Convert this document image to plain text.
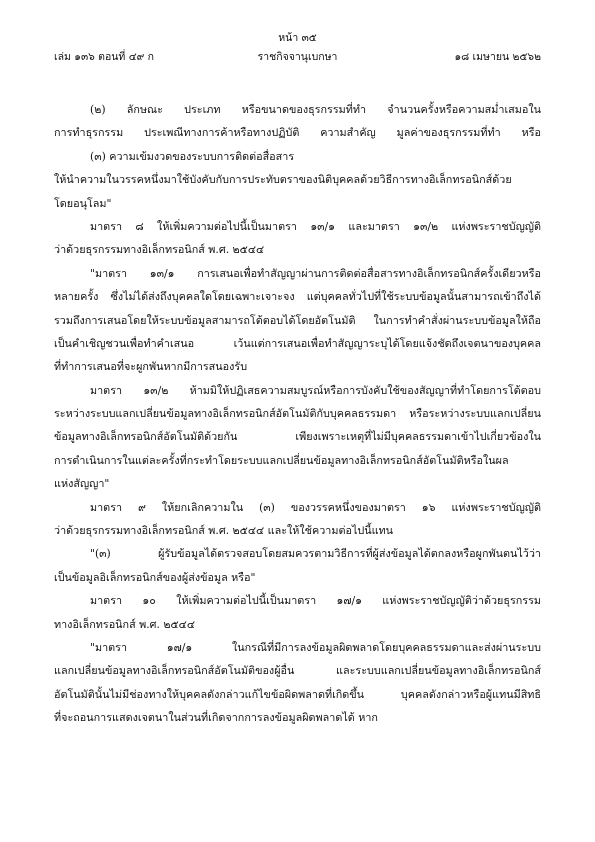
หน้า ๓๕
เล่ม ๑๓๖ ตอนที่ ๔๙ ก	ราชกิจจานุเบกษา	๑๘ เมษายน ๒๕๖๒
(๒) ลักษณะ ประเภท หรือขนาดของธุรกรรมที่ทำ จำนวนครั้งหรือความสม่ำเสมอใน
การทำธุรกรรม ประเพณีทางการค้าหรือทางปฏิบัติ ความสำคัญ มูลค่าของธุรกรรมที่ทำ หรือ
(๓) ความเข้มงวดของระบบการติดต่อสื่อสาร
ให้นำความในวรรคหนึ่งมาใช้บังคับกับการประทับตราของนิติบุคคลด้วยวิธีการทางอิเล็กทรอนิกส์ด้วย
โดยอนุโลม"
มาตรา ๘ ให้เพิ่มความต่อไปนี้เป็นมาตรา ๑๓/๑ และมาตรา ๑๓/๒ แห่งพระราชบัญญัติ
ว่าด้วยธุรกรรมทางอิเล็กทรอนิกส์ พ.ศ. ๒๕๔๔
"มาตรา ๑๓/๑ การเสนอเพื่อทำสัญญาผ่านการติดต่อสื่อสารทางอิเล็กทรอนิกส์ครั้งเดียวหรือ
หลายครั้ง ซึ่งไม่ได้ส่งถึงบุคคลใดโดยเฉพาะเจาะจง แต่บุคคลทั่วไปที่ใช้ระบบข้อมูลนั้นสามารถเข้าถึงได้
รวมถึงการเสนอโดยให้ระบบข้อมูลสามารถโต้ตอบได้โดยอัตโนมัติ ในการทำคำสั่งผ่านระบบข้อมูลให้ถือ
เป็นคำเชิญชวนเพื่อทำคำเสนอ เว้นแต่การเสนอเพื่อทำสัญญาระบุได้โดยแจ้งชัดถึงเจตนาของบุคคล
ที่ทำการเสนอที่จะผูกพันหากมีการสนองรับ
มาตรา ๑๓/๒ ห้ามมิให้ปฏิเสธความสมบูรณ์หรือการบังคับใช้ของสัญญาที่ทำโดยการโต้ตอบ
ระหว่างระบบแลกเปลี่ยนข้อมูลทางอิเล็กทรอนิกส์อัตโนมัติกับบุคคลธรรมดา หรือระหว่างระบบแลกเปลี่ยน
ข้อมูลทางอิเล็กทรอนิกส์อัตโนมัติด้วยกัน เพียงเพราะเหตุที่ไม่มีบุคคลธรรมดาเข้าไปเกี่ยวข้องใน
การดำเนินการในแต่ละครั้งที่กระทำโดยระบบแลกเปลี่ยนข้อมูลทางอิเล็กทรอนิกส์อัตโนมัติหรือในผล
แห่งสัญญา"
มาตรา ๙ ให้ยกเลิกความใน (๓) ของวรรคหนึ่งของมาตรา ๑๖ แห่งพระราชบัญญัติ
ว่าด้วยธุรกรรมทางอิเล็กทรอนิกส์ พ.ศ. ๒๕๔๔ และให้ใช้ความต่อไปนี้แทน
"(๓) ผู้รับข้อมูลได้ตรวจสอบโดยสมควรตามวิธีการที่ผู้ส่งข้อมูลได้ตกลงหรือผูกพันตนไว้ว่า
เป็นข้อมูลอิเล็กทรอนิกส์ของผู้ส่งข้อมูล หรือ"
มาตรา ๑๐ ให้เพิ่มความต่อไปนี้เป็นมาตรา ๑๗/๑ แห่งพระราชบัญญัติว่าด้วยธุรกรรม
ทางอิเล็กทรอนิกส์ พ.ศ. ๒๕๔๔
"มาตรา ๑๗/๑ ในกรณีที่มีการลงข้อมูลผิดพลาดโดยบุคคลธรรมดาและส่งผ่านระบบ
แลกเปลี่ยนข้อมูลทางอิเล็กทรอนิกส์อัตโนมัติของผู้อื่น และระบบแลกเปลี่ยนข้อมูลทางอิเล็กทรอนิกส์
อัตโนมัตินั้นไม่มีช่องทางให้บุคคลดังกล่าวแก้ไขข้อผิดพลาดที่เกิดขึ้น บุคคลดังกล่าวหรือผู้แทนมีสิทธิ
ที่จะถอนการแสดงเจตนาในส่วนที่เกิดจากการลงข้อมูลผิดพลาดได้ หาก
